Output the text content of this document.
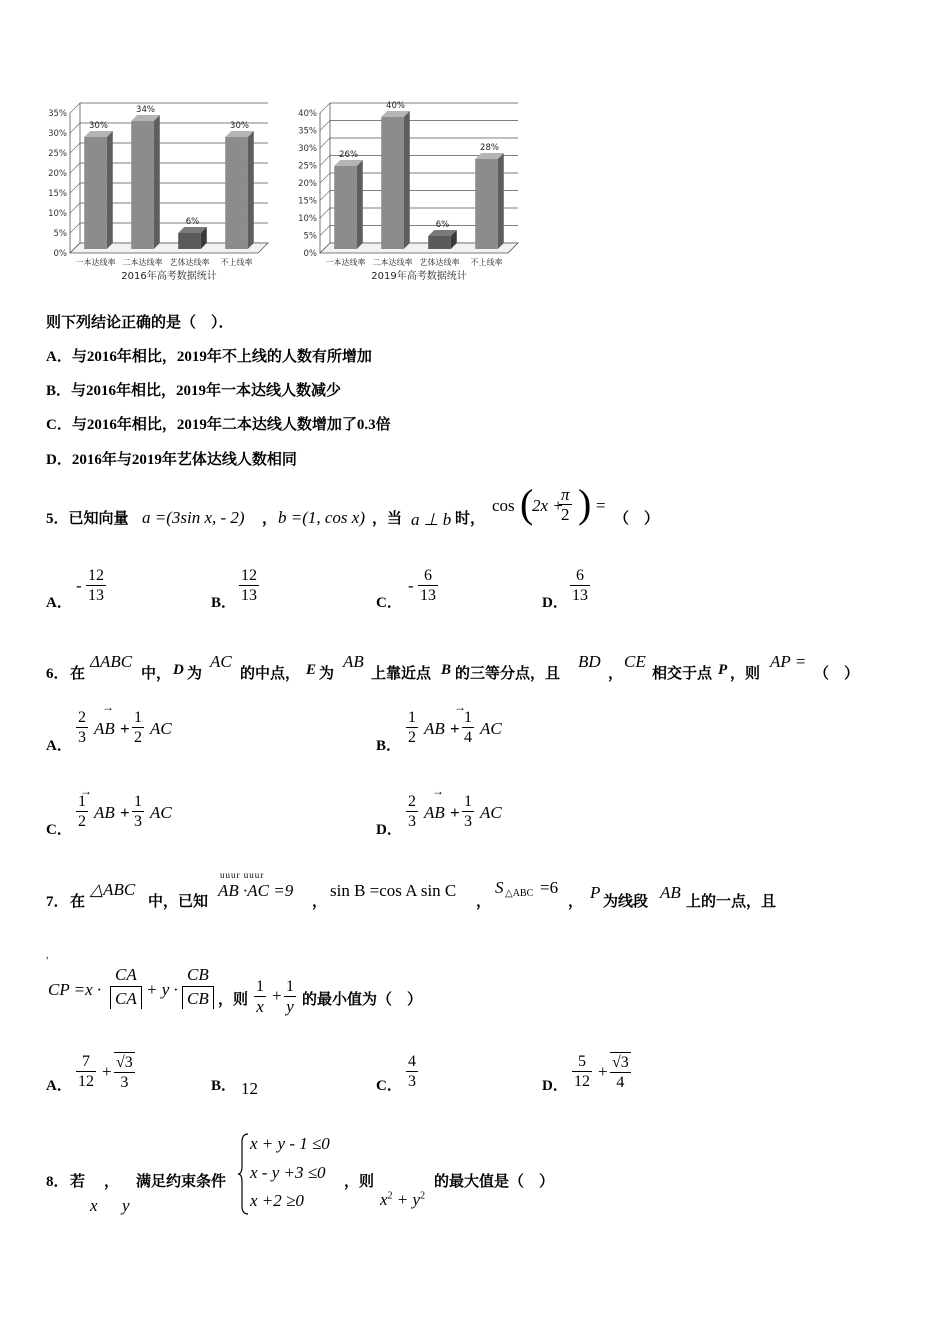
0%
5%
10%
15%
20%
25%
30%
35%
30%
一本达线率
34%
二本达线率
6%
艺体达线率
30%
不上线率
2016年高考数据统计
0%
5%
10%
15%
20%
25%
30%
35%
40%
26%
一本达线率
40%
二本达线率
6%
艺体达线率
28%
不上线率
2019年高考数据统计
则下列结论正确的是（　）．
A．与2016年相比，2019年不上线的人数有所增加
B．与2016年相比，2019年一本达线人数减少
C．与2016年相比，2019年二本达线人数增加了0.3倍
D．2016年与2019年艺体达线人数相同
5．已知向量 a =(3sin x, - 2) ， b =(1, cos x) ，当 a ⊥ b 时，
cos (
2x +
$\frac{\pi}{2}$ ) =
（　）
A．
- $\frac{12}{13}$	B． $\frac{12}{13}$	C．
- $\frac{6}{13}$	D． $\frac{6}{13}$
6． 在
ΔABC
中， D 为
AC
的中点， E 为
AB
上靠近点 B 的三等分点，且
BD
，
CE
相交于点 P ，则
AP =
（　）
A． $\frac{2}{3}$ AB
→
+ $\frac{1}{2}$ AC
B． $\frac{1}{2}$ AB
→
+ $\frac{1}{4}$ AC
C． $\frac{1}{2}$ AB
→
+ $\frac{1}{3}$ AC
D． $\frac{2}{3}$ AB
→
+ $\frac{1}{3}$ AC
7． 在
△ABC
中，已知
uuur uuur
AB ·AC =9
，
sin B =cos A sin C
，
S △ABC =6
， P 为线段 AB 上的一点，且
,
CP $=x \cdot \frac{CA}{CA} + y \cdot \frac{CB}{CB}$ ，则 $\frac{1}{x} + \frac{1}{y}$ 的最小值为（　）
A． $\frac{7}{12} + \frac{√3}{3}$	B． 12	C． $\frac{4}{3}$	D． $\frac{5}{12} + \frac{√3}{4}$
8． 若
x
，
y
满足约束条件
x + y - 1 ≤0
x - y +3 ≤0
x +2 ≥0
，则
$x^2 + y^2$
的最大值是（　）
